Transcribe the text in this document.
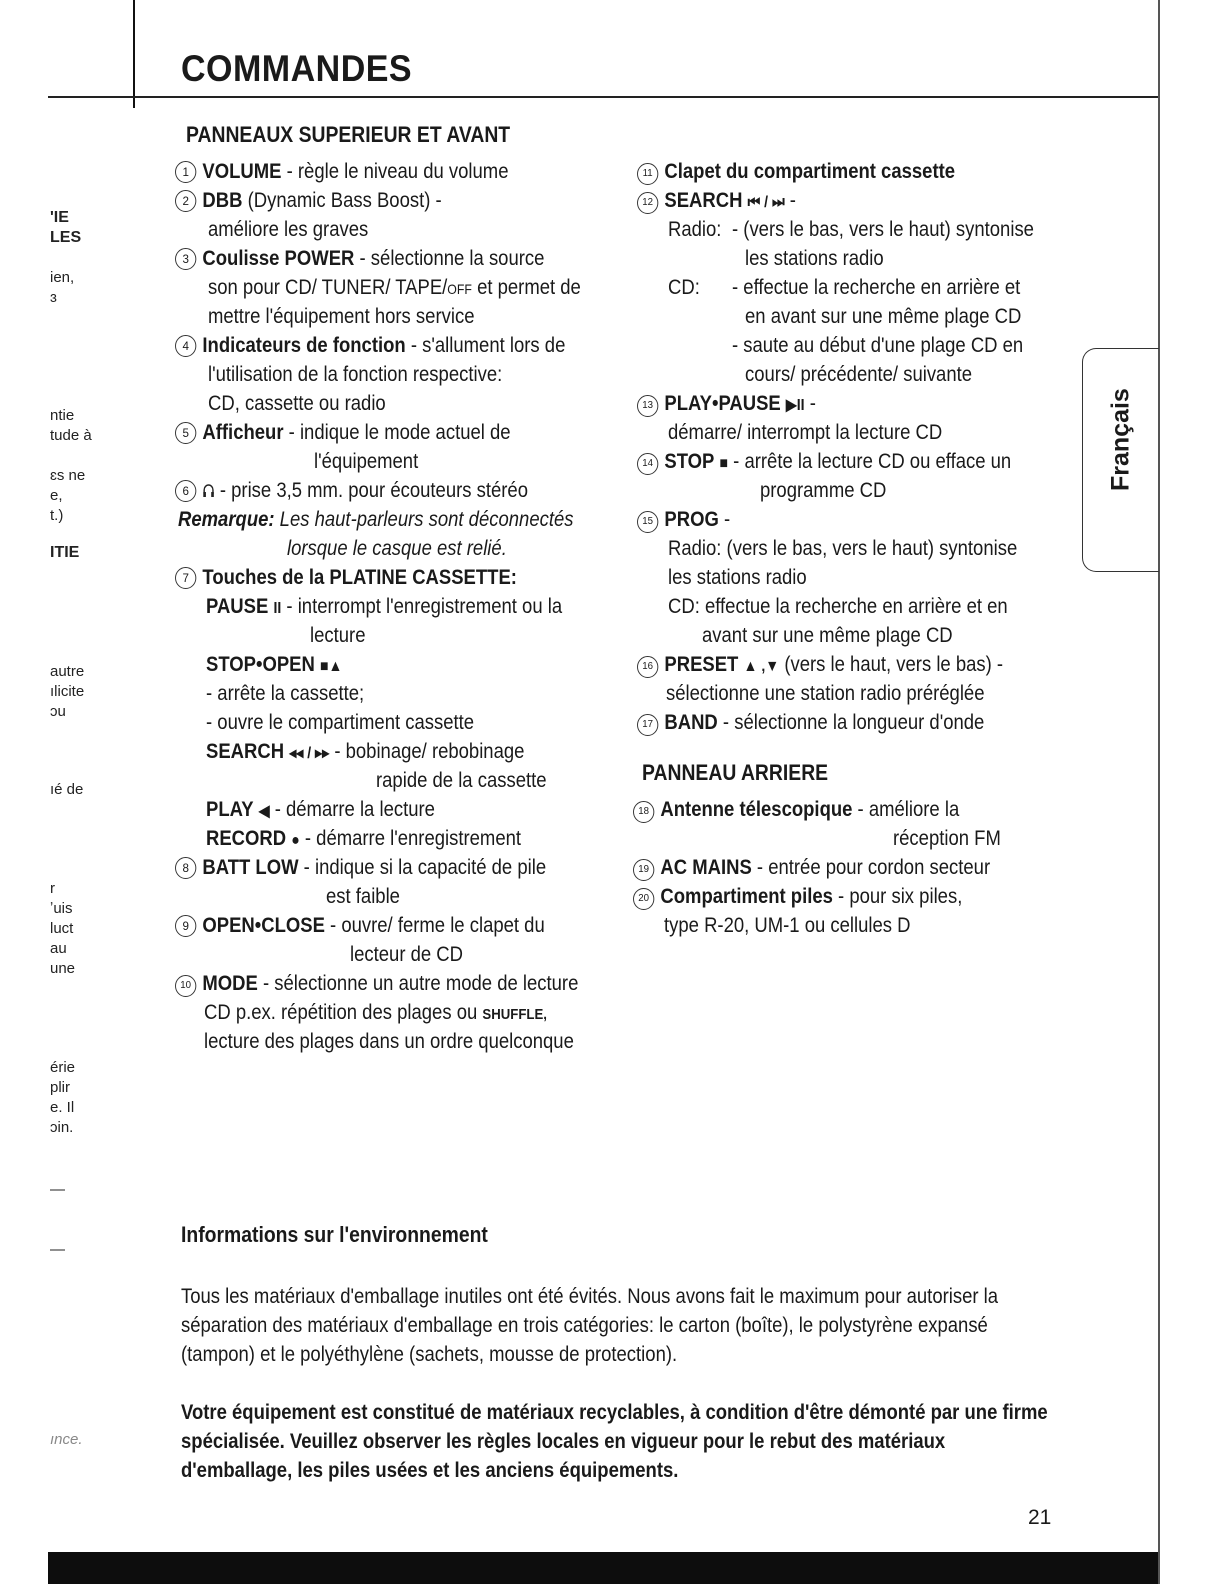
COMMANDES
'IE
LES
ien,
ɜ
ntie
tude à
ɛs ne
e,
t.)
ITIE
autre
ılicite
ɔu
ıé de
r
ʼuis
luct
au
une
érie
plir
e. Il
ɔin.
—
—
ınce.
PANNEAUX SUPERIEUR ET AVANT
1 VOLUME - règle le niveau du volume
2 DBB (Dynamic Bass Boost) -
améliore les graves
3 Coulisse POWER - sélectionne la source
son pour CD/ TUNER/ TAPE/OFF et permet de
mettre l'équipement hors service
4 Indicateurs de fonction - s'allument lors de
l'utilisation de la fonction respective:
CD, cassette ou radio
5 Afficheur - indique le mode actuel de
l'équipement
6 - prise 3,5 mm. pour écouteurs stéréo
Remarque: Les haut-parleurs sont déconnectés
lorsque le casque est relié.
7 Touches de la PLATINE CASSETTE:
PAUSE II - interrompt l'enregistrement ou la
lecture
STOP•OPEN ■▲
- arrête la cassette;
- ouvre le compartiment cassette
SEARCH ◂◂ / ▸▸ - bobinage/ rebobinage
rapide de la cassette
PLAY ◀ - démarre la lecture
RECORD ● - démarre l'enregistrement
8 BATT LOW - indique si la capacité de pile
est faible
9 OPEN•CLOSE - ouvre/ ferme le clapet du
lecteur de CD
10 MODE - sélectionne un autre mode de lecture
CD p.ex. répétition des plages ou SHUFFLE,
lecture des plages dans un ordre quelconque
11 Clapet du compartiment cassette
12 SEARCH ⏮ / ⏭ -
Radio: - (vers le bas, vers le haut) syntonise
les stations radio
CD: - effectue la recherche en arrière et
en avant sur une même plage CD
- saute au début d'une plage CD en
cours/ précédente/ suivante
13 PLAY•PAUSE ▶II -
démarre/ interrompt la lecture CD
14 STOP ■ - arrête la lecture CD ou efface un
programme CD
15 PROG -
Radio: (vers le bas, vers le haut) syntonise
les stations radio
CD: effectue la recherche en arrière et en
avant sur une même plage CD
16 PRESET ▲ ,▼ (vers le haut, vers le bas) -
sélectionne une station radio préréglée
17 BAND - sélectionne la longueur d'onde
PANNEAU ARRIERE
18 Antenne télescopique - améliore la
réception FM
19 AC MAINS - entrée pour cordon secteur
20 Compartiment piles - pour six piles,
type R-20, UM-1 ou cellules D
Français
Informations sur l'environnement
Tous les matériaux d'emballage inutiles ont été évités. Nous avons fait le maximum pour autoriser la séparation des matériaux d'emballage en trois catégories: le carton (boîte), le polystyrène expansé (tampon) et le polyéthylène (sachets, mousse de protection).
Votre équipement est constitué de matériaux recyclables, à condition d'être démonté par une firme spécialisée. Veuillez observer les règles locales en vigueur pour le rebut des matériaux d'emballage, les piles usées et les anciens équipements.
21
